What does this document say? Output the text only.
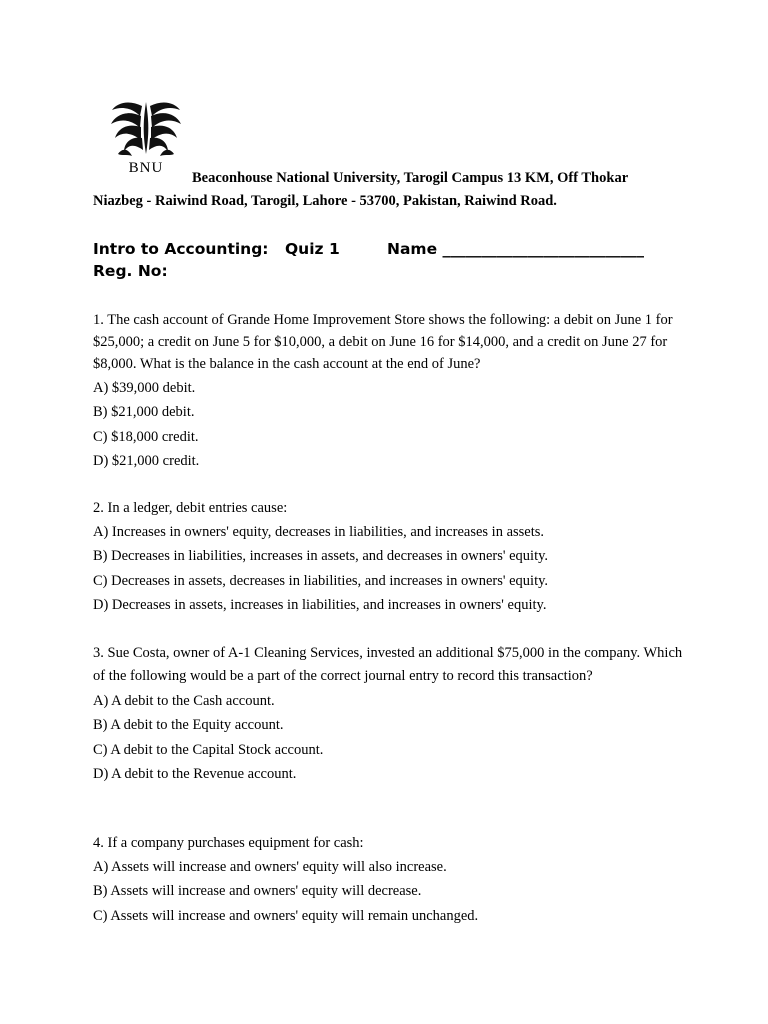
BNU
Beaconhouse National University, Tarogil Campus 13 KM, Off Thokar
Niazbeg - Raiwind Road, Tarogil, Lahore - 53700, Pakistan, Raiwind Road.
Intro to Accounting: Quiz 1	Name __________________________
Reg. No:
1. The cash account of Grande Home Improvement Store shows the following: a debit on June 1 for $25,000; a credit on June 5 for $10,000, a debit on June 16 for $14,000, and a credit on June 27 for $8,000. What is the balance in the cash account at the end of June?
A) $39,000 debit.
B) $21,000 debit.
C) $18,000 credit.
D) $21,000 credit.
2. In a ledger, debit entries cause:
A) Increases in owners' equity, decreases in liabilities, and increases in assets.
B) Decreases in liabilities, increases in assets, and decreases in owners' equity.
C) Decreases in assets, decreases in liabilities, and increases in owners' equity.
D) Decreases in assets, increases in liabilities, and increases in owners' equity.
3. Sue Costa, owner of A-1 Cleaning Services, invested an additional $75,000 in the company. Which of the following would be a part of the correct journal entry to record this transaction?
A) A debit to the Cash account.
B) A debit to the Equity account.
C) A debit to the Capital Stock account.
D) A debit to the Revenue account.
4. If a company purchases equipment for cash:
A) Assets will increase and owners' equity will also increase.
B) Assets will increase and owners' equity will decrease.
C) Assets will increase and owners' equity will remain unchanged.
